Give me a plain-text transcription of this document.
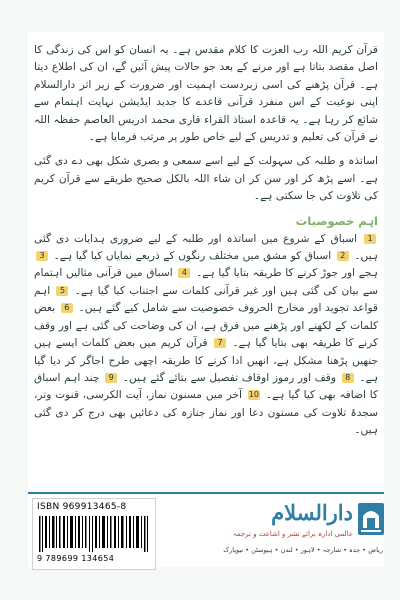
قرآن کریم اللہ رب العزت کا کلام مقدس ہے۔ یہ انسان کو اس کی زندگی کا اصل مقصد بتاتا ہے اور مرنے کے بعد جو حالات پیش آئیں گے، ان کی اطلاع دیتا ہے۔ قرآن پڑھنے کی اسی زبردست اہمیت اور ضرورت کے زیر اثر دارالسلام اپنی نوعیت کے اس منفرد قرآنی قاعدے کا جدید ایڈیشن نہایت اہتمام سے شائع کر رہا ہے۔ یہ قاعدہ استاذ القراء قاری محمد ادریس العاصم حفظہ اللہ نے قرآن کی تعلیم و تدریس کے لیے خاص طور پر مرتب فرمایا ہے۔

اساتذہ و طلبہ کی سہولت کے لیے اسے سمعی و بصری شکل بھی دے دی گئی ہے۔ اسے پڑھ کر اور سن کر ان شاء اللہ بالکل صحیح طریقے سے قرآن کریم کی تلاوت کی جا سکتی ہے۔

اہم خصوصیات

1 اسباق کے شروع میں اساتذہ اور طلبہ کے لیے ضروری ہدایات دی گئی ہیں۔ 2 اسباق کو مشق میں مختلف رنگوں کے ذریعے نمایاں کیا گیا ہے۔ 3 ہجے اور جوڑ کرنے کا طریقہ بتایا گیا ہے۔ 4 اسباق میں قرآنی مثالیں اہتمام سے بیان کی گئی ہیں اور غیر قرآنی کلمات سے اجتناب کیا گیا ہے۔ 5 اہم قواعد تجوید اور مخارج الحروف خصوصیت سے شامل کیے گئے ہیں۔ 6 بعض کلمات کے لکھنے اور پڑھنے میں فرق ہے، ان کی وضاحت کی گئی ہے اور وقف کرنے کا طریقہ بھی بتایا گیا ہے۔ 7 قرآن کریم میں بعض کلمات ایسے ہیں جنھیں پڑھنا مشکل ہے، انھیں ادا کرنے کا طریقہ اچھی طرح اجاگر کر دیا گیا ہے۔ 8 وقف اور رموز اوقاف تفصیل سے بتائے گئے ہیں۔ 9 چند اہم اسباق کا اضافہ بھی کیا گیا ہے۔ 10 آخر میں مسنون نماز، آیت الکرسی، قنوت وتر، سجدۂ تلاوت کی مسنون دعا اور نماز جنازہ کی دعائیں بھی درج کر دی گئی ہیں۔

ISBN 969913465-8
9 789699 134654
دارالسلام
عالمی ادارہ برائے نشر و اشاعت و ترجمہ
ریاض • جدہ • شارجہ • لاہور • لندن • ہیوسٹن • نیویارک
